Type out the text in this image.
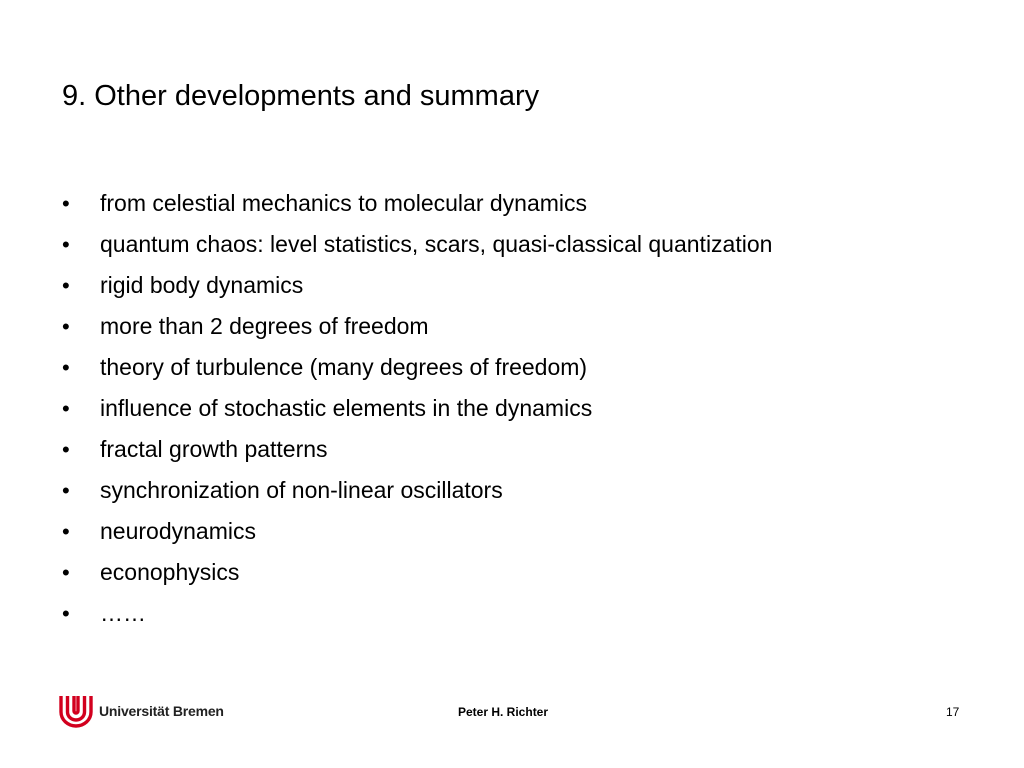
9. Other developments and summary
•	from celestial mechanics to molecular dynamics
•	quantum chaos: level statistics, scars, quasi-classical quantization
•	rigid body dynamics
•	more than 2 degrees of freedom
•	theory of turbulence (many degrees of freedom)
•	influence of stochastic elements in the dynamics
•	fractal growth patterns
•	synchronization of non-linear oscillators
•	neurodynamics
•	econophysics
•	……
Universität Bremen	Peter H. Richter	17
